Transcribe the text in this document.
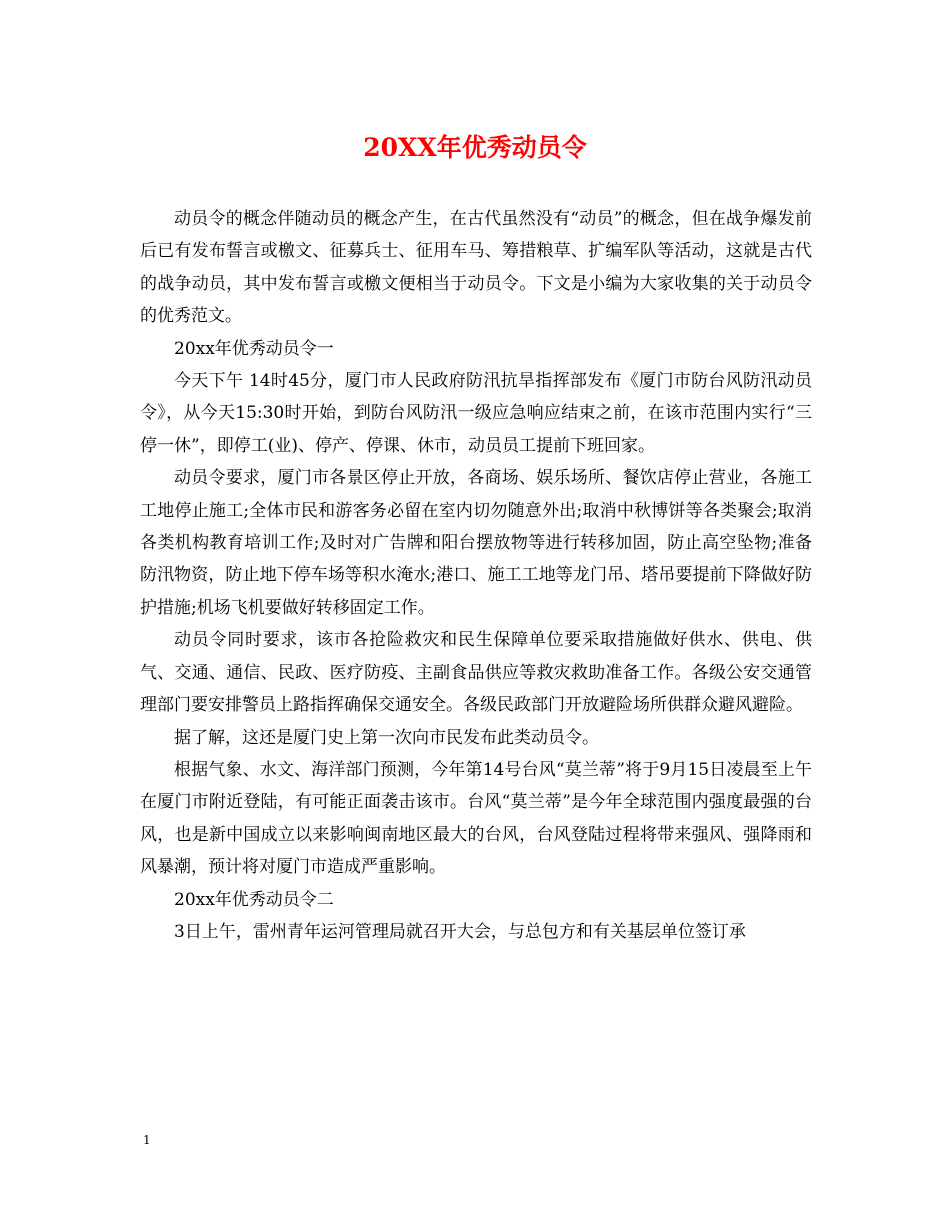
20XX年优秀动员令

动员令的概念伴随动员的概念产生，在古代虽然没有“动员”的概念，但在战争爆发前后已有发布誓言或檄文、征募兵士、征用车马、筹措粮草、扩编军队等活动，这就是古代的战争动员，其中发布誓言或檄文便相当于动员令。下文是小编为大家收集的关于动员令的优秀范文。

20xx年优秀动员令一

今天下午 14时45分，厦门市人民政府防汛抗旱指挥部发布《厦门市防台风防汛动员令》，从今天15:30时开始，到防台风防汛一级应急响应结束之前，在该市范围内实行“三停一休”，即停工(业)、停产、停课、休市，动员员工提前下班回家。

动员令要求，厦门市各景区停止开放，各商场、娱乐场所、餐饮店停止营业，各施工工地停止施工;全体市民和游客务必留在室内切勿随意外出;取消中秋博饼等各类聚会;取消各类机构教育培训工作;及时对广告牌和阳台摆放物等进行转移加固，防止高空坠物;准备防汛物资，防止地下停车场等积水淹水;港口、施工工地等龙门吊、塔吊要提前下降做好防护措施;机场飞机要做好转移固定工作。

动员令同时要求，该市各抢险救灾和民生保障单位要采取措施做好供水、供电、供气、交通、通信、民政、医疗防疫、主副食品供应等救灾救助准备工作。各级公安交通管理部门要安排警员上路指挥确保交通安全。各级民政部门开放避险场所供群众避风避险。

据了解，这还是厦门史上第一次向市民发布此类动员令。

根据气象、水文、海洋部门预测，今年第14号台风“莫兰蒂”将于9月15日凌晨至上午在厦门市附近登陆，有可能正面袭击该市。台风“莫兰蒂”是今年全球范围内强度最强的台风，也是新中国成立以来影响闽南地区最大的台风，台风登陆过程将带来强风、强降雨和风暴潮，预计将对厦门市造成严重影响。

20xx年优秀动员令二

3日上午，雷州青年运河管理局就召开大会，与总包方和有关基层单位签订承

1
